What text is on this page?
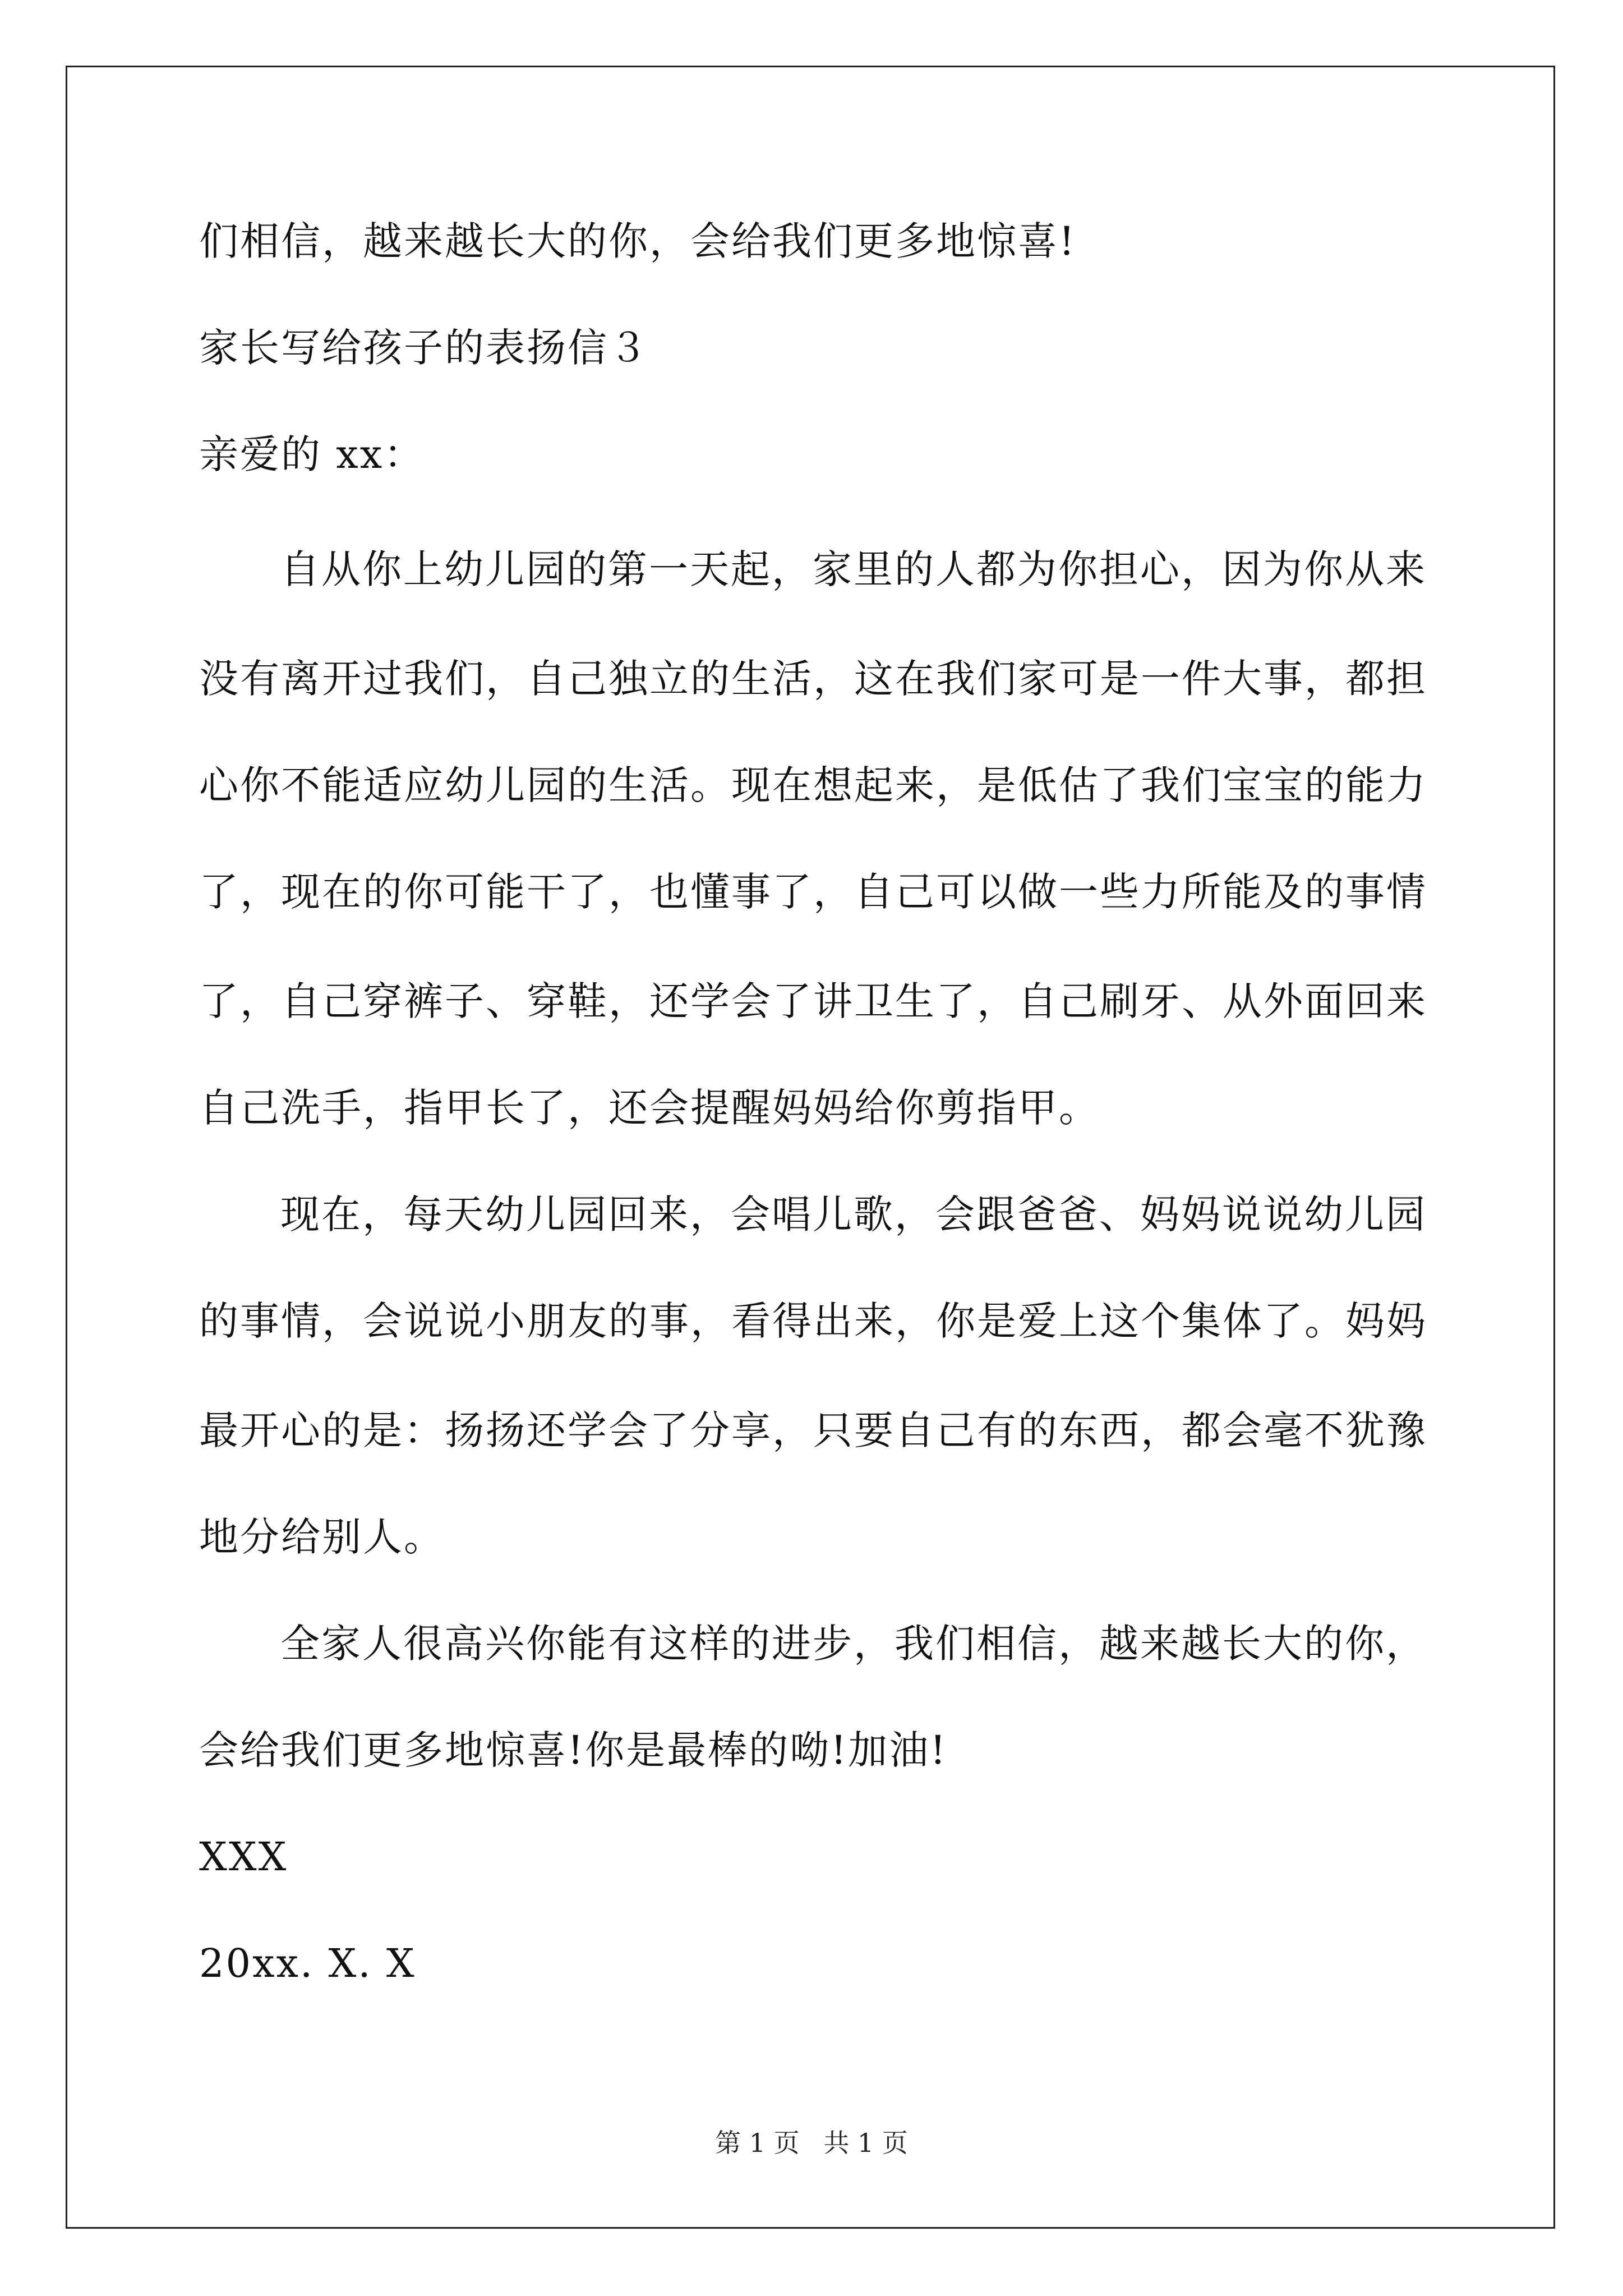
们相信，越来越长大的你，会给我们更多地惊喜!
家长写给孩子的表扬信３
亲爱的 xx：
自从你上幼儿园的第一天起，家里的人都为你担心，因为你从来
没有离开过我们，自己独立的生活，这在我们家可是一件大事，都担
心你不能适应幼儿园的生活。现在想起来，是低估了我们宝宝的能力
了，现在的你可能干了，也懂事了，自己可以做一些力所能及的事情
了，自己穿裤子、穿鞋，还学会了讲卫生了，自己刷牙、从外面回来
自己洗手，指甲长了，还会提醒妈妈给你剪指甲。
现在，每天幼儿园回来，会唱儿歌，会跟爸爸、妈妈说说幼儿园
的事情，会说说小朋友的事，看得出来，你是爱上这个集体了。妈妈
最开心的是：扬扬还学会了分享，只要自己有的东西，都会毫不犹豫
地分给别人。
全家人很高兴你能有这样的进步，我们相信，越来越长大的你，
会给我们更多地惊喜!你是最棒的呦!加油!
XXX
20xx. X. X
第 1 页 共 1 页
